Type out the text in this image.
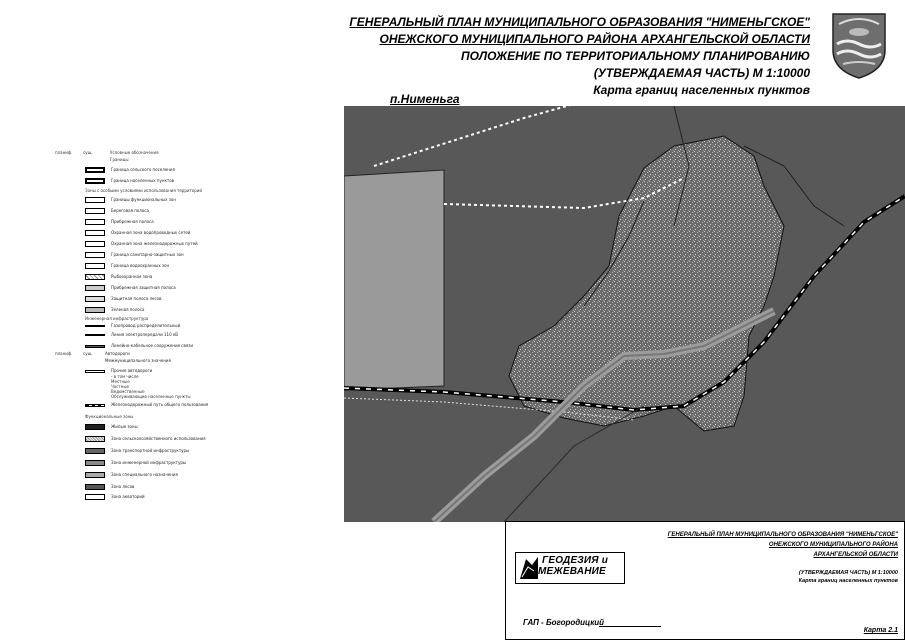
ГЕНЕРАЛЬНЫЙ ПЛАН МУНИЦИПАЛЬНОГО ОБРАЗОВАНИЯ "НИМЕНЬГСКОЕ"
ОНЕЖСКОГО МУНИЦИПАЛЬНОГО РАЙОНА АРХАНГЕЛЬСКОЙ ОБЛАСТИ
ПОЛОЖЕНИЕ ПО ТЕРРИТОРИАЛЬНОМУ ПЛАНИРОВАНИЮ
(УТВЕРЖДАЕМАЯ ЧАСТЬ) М 1:10000
Карта границ населенных пунктов
п.Нименьга
планиф.	сущ.	Условные обозначения
Границы
Граница сельского поселения
Граница населенных пунктов
Зоны с особыми условиями использования территорий
Границы функциональных зон
Береговая полоса
Прибрежная полоса
Охранная зона водопроводных сетей
Охранная зона железнодорожных путей
Граница санитарно-защитных зон
Граница водоохранных зон
Рыбоохранная зона
Прибрежная защитная полоса
Защитная полоса лесов
Зеленая полоса
Инженерная инфраструктура
Газопровод распределительный
Линия электропередачи 110 кВ
Линейно-кабельное сооружение связи
планиф.	сущ.	Автодороги
Межмуниципального значения
Прочие автодороги
- в том числе
Местные
Частные
Ведомственные
Обслуживающие населенные пункты
Железнодорожный путь общего пользования
Функциональные зоны
Жилые зоны
Зона сельскохозяйственного использования
Зона транспортной инфраструктуры
Зона инженерной инфраструктуры
Зона специального назначения
Зона лесов
Зона акваторий
ГЕНЕРАЛЬНЫЙ ПЛАН МУНИЦИПАЛЬНОГО ОБРАЗОВАНИЯ "НИМЕНЬГСКОЕ"
ОНЕЖСКОГО МУНИЦИПАЛЬНОГО РАЙОНА
АРХАНГЕЛЬСКОЙ ОБЛАСТИ
(УТВЕРЖДАЕМАЯ ЧАСТЬ) М 1:10000
Карта границ населенных пунктов
ГЕОДЕЗИЯ и
МЕЖЕВАНИЕ
ГАП - Богородицкий
Карта 2.1
